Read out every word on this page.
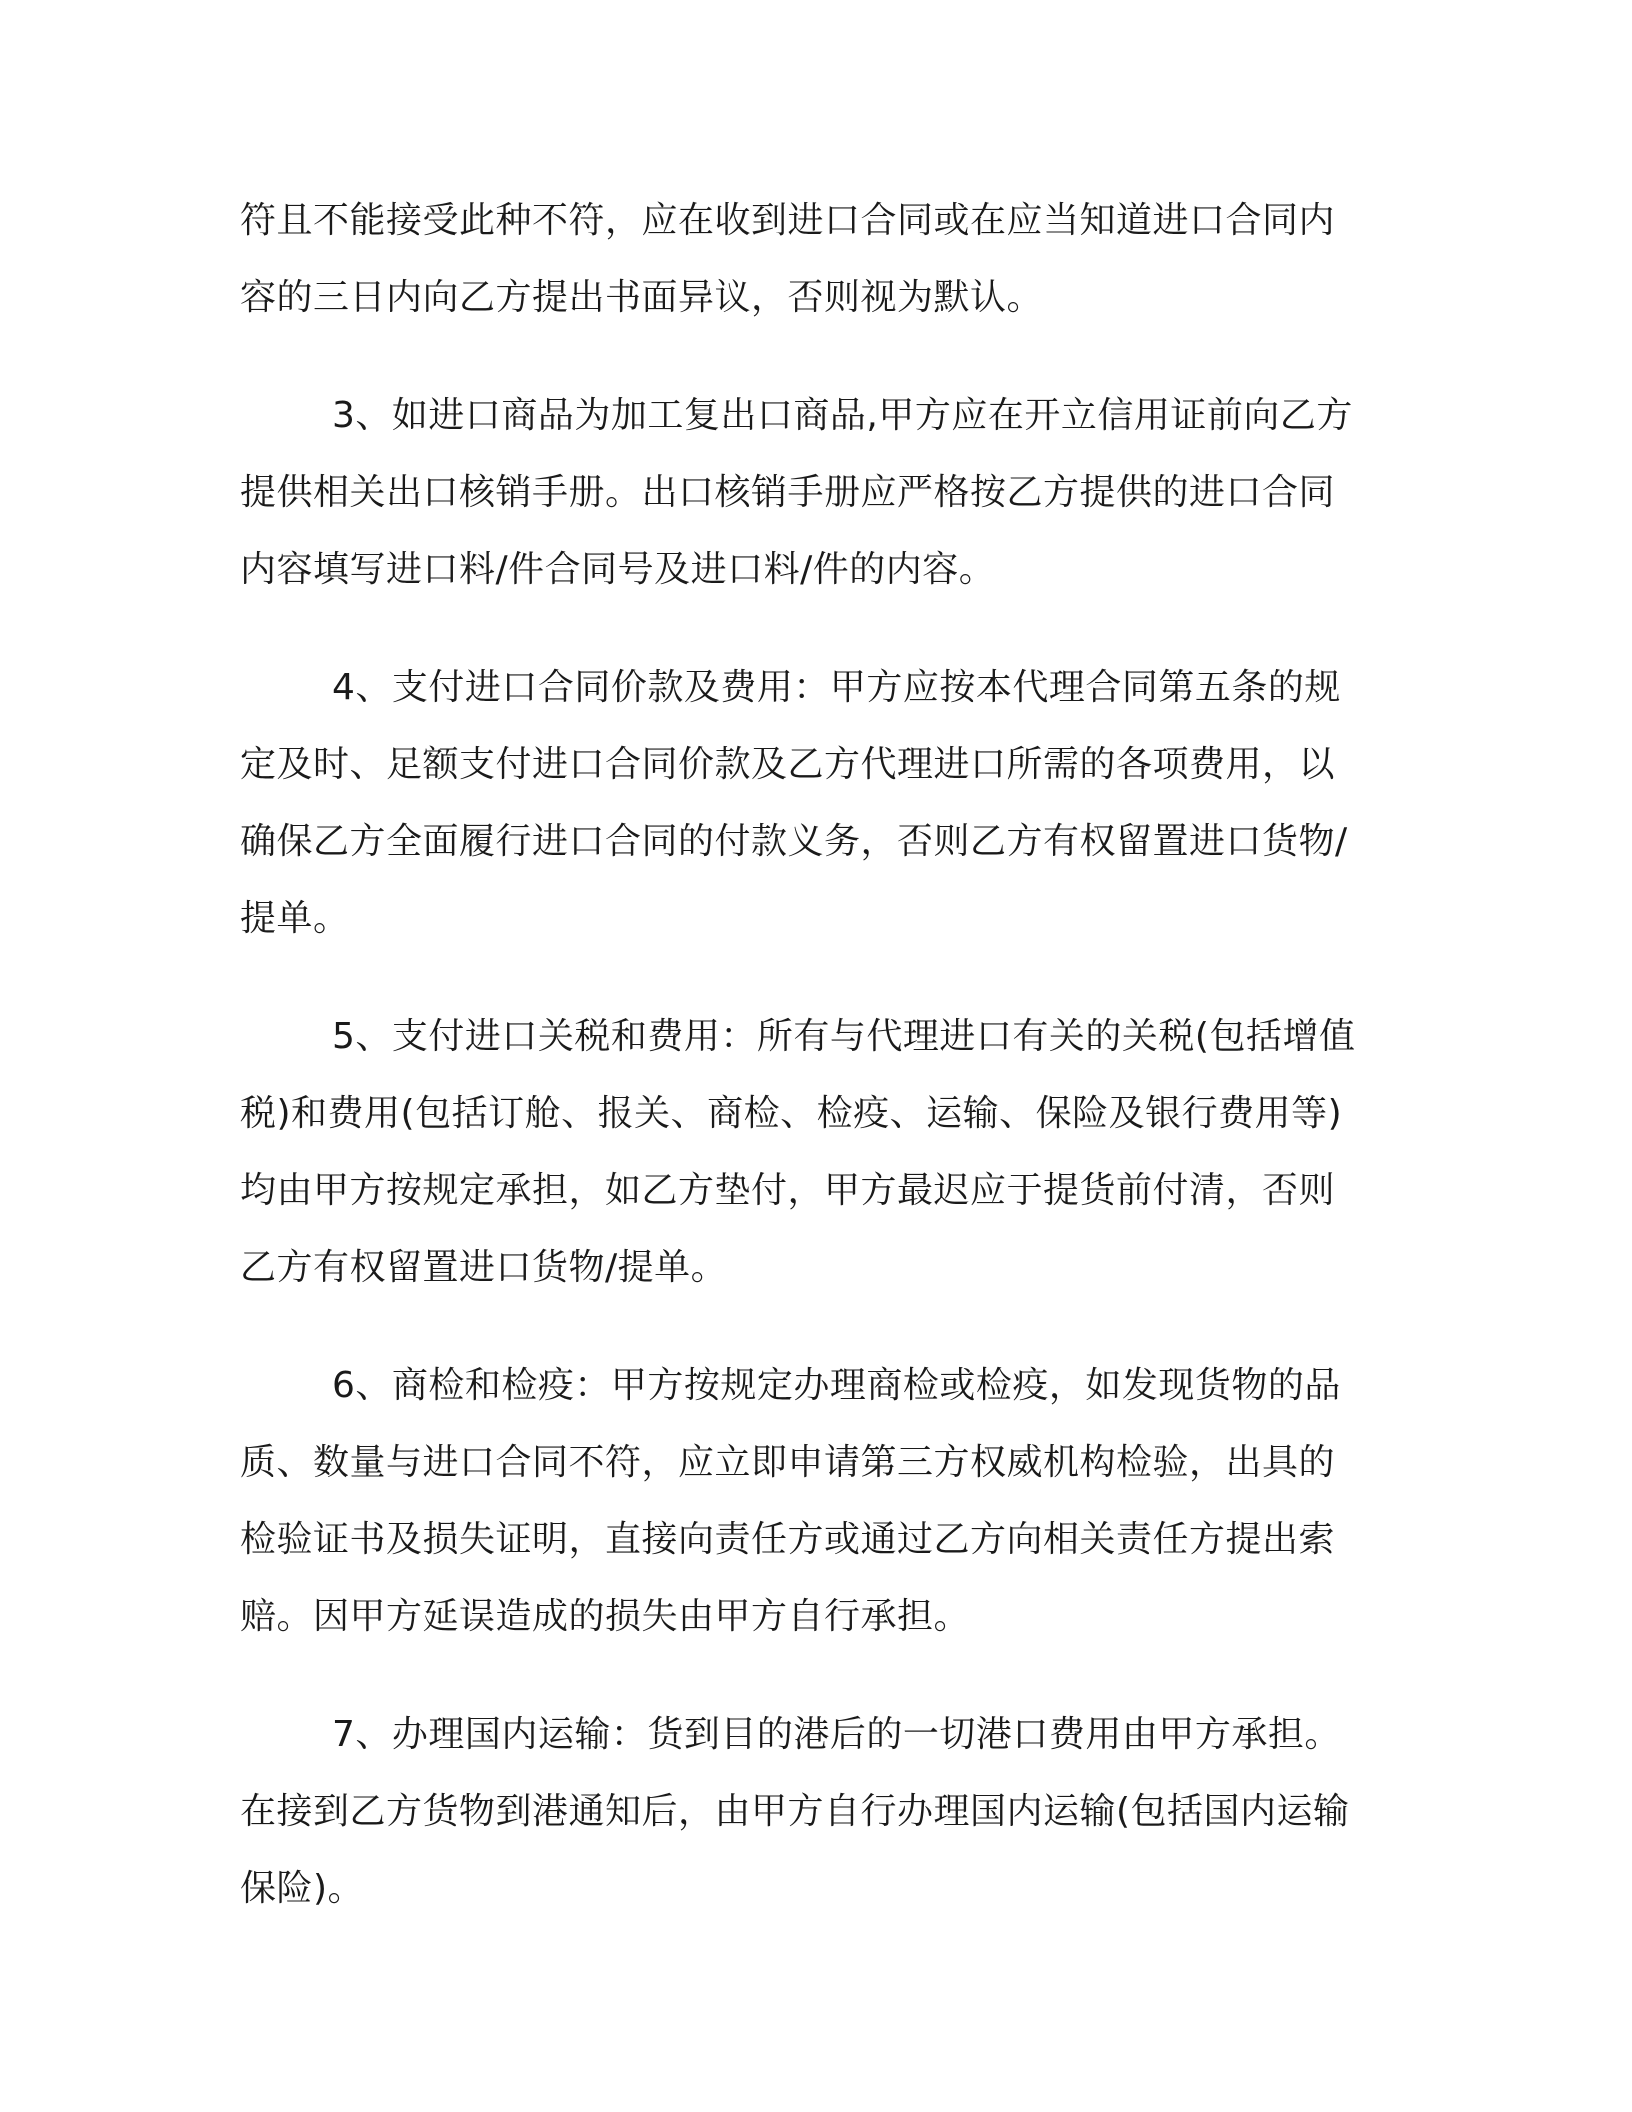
符且不能接受此种不符，应在收到进口合同或在应当知道进口合同内
容的三日内向乙方提出书面异议，否则视为默认。

3、如进口商品为加工复出口商品,甲方应在开立信用证前向乙方
提供相关出口核销手册。出口核销手册应严格按乙方提供的进口合同
内容填写进口料/件合同号及进口料/件的内容。

4、支付进口合同价款及费用：甲方应按本代理合同第五条的规
定及时、足额支付进口合同价款及乙方代理进口所需的各项费用，以
确保乙方全面履行进口合同的付款义务，否则乙方有权留置进口货物/
提单。

5、支付进口关税和费用：所有与代理进口有关的关税(包括增值
税)和费用(包括订舱、报关、商检、检疫、运输、保险及银行费用等)
均由甲方按规定承担，如乙方垫付，甲方最迟应于提货前付清，否则
乙方有权留置进口货物/提单。

6、商检和检疫：甲方按规定办理商检或检疫，如发现货物的品
质、数量与进口合同不符，应立即申请第三方权威机构检验，出具的
检验证书及损失证明，直接向责任方或通过乙方向相关责任方提出索
赔。因甲方延误造成的损失由甲方自行承担。

7、办理国内运输：货到目的港后的一切港口费用由甲方承担。
在接到乙方货物到港通知后，由甲方自行办理国内运输(包括国内运输
保险)。
